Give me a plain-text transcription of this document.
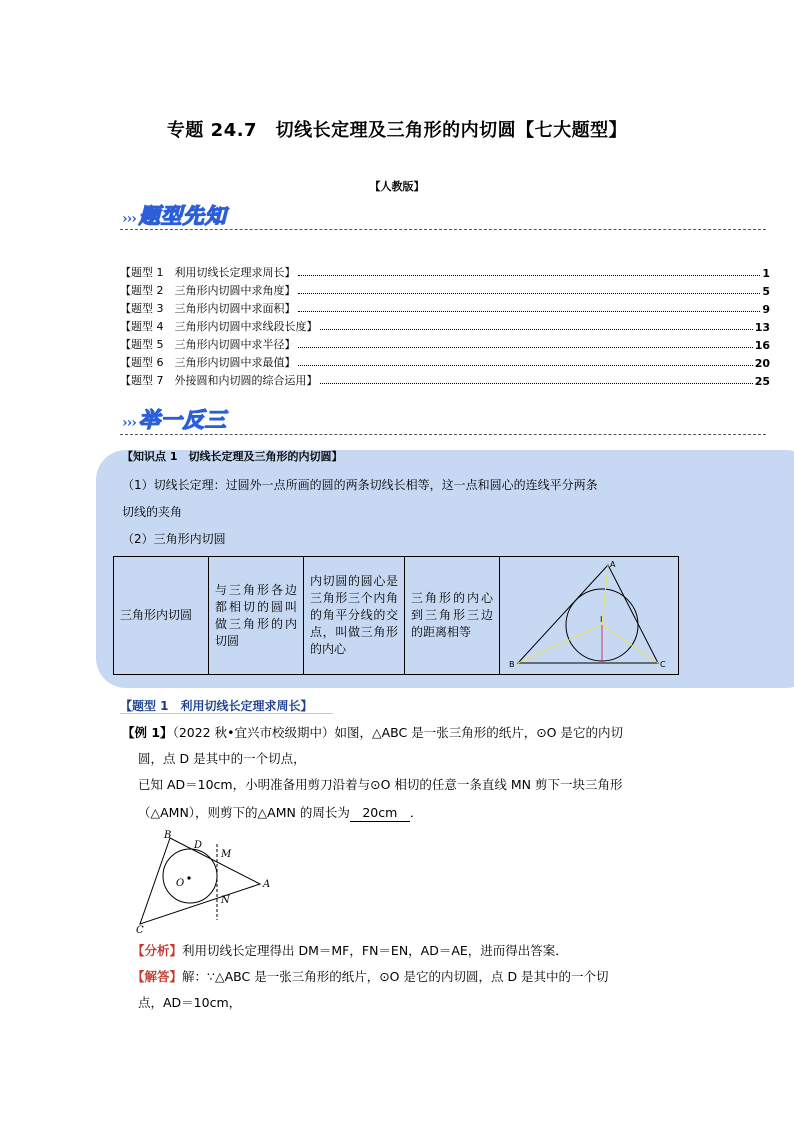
专题 24.7　切线长定理及三角形的内切圆【七大题型】
【人教版】
››› 题型先知
【题型 1　利用切线长定理求周长】	1
【题型 2　三角形内切圆中求角度】	5
【题型 3　三角形内切圆中求面积】	9
【题型 4　三角形内切圆中求线段长度】	13
【题型 5　三角形内切圆中求半径】	16
【题型 6　三角形内切圆中求最值】	20
【题型 7　外接圆和内切圆的综合运用】	25
››› 举一反三
【知识点 1　切线长定理及三角形的内切圆】
（1）切线长定理：过圆外一点所画的圆的两条切线长相等，这一点和圆心的连线平分两条
切线的夹角
（2）三角形内切圆
三角形内切圆	与三角形各边都相切的圆叫做三角形的内切圆	内切圆的圆心是三角形三个内角的角平分线的交点，叫做三角形的内心	三角形的内心到三角形三边的距离相等	
A
B	C
I
【题型 1　利用切线长定理求周长】
【例 1】（2022 秋•宜兴市校级期中）如图，△ABC 是一张三角形的纸片，⊙O 是它的内切
圆，点 D 是其中的一个切点，
已知 AD＝10cm，小明准备用剪刀沿着与⊙O 相切的任意一条直线 MN 剪下一块三角形
（△AMN），则剪下的△AMN 的周长为 20cm ．
B
D
M
O	A
N
C
【分析】利用切线长定理得出 DM＝MF，FN＝EN，AD＝AE，进而得出答案．
【解答】解：∵△ABC 是一张三角形的纸片，⊙O 是它的内切圆，点 D 是其中的一个切
点，AD＝10cm，
